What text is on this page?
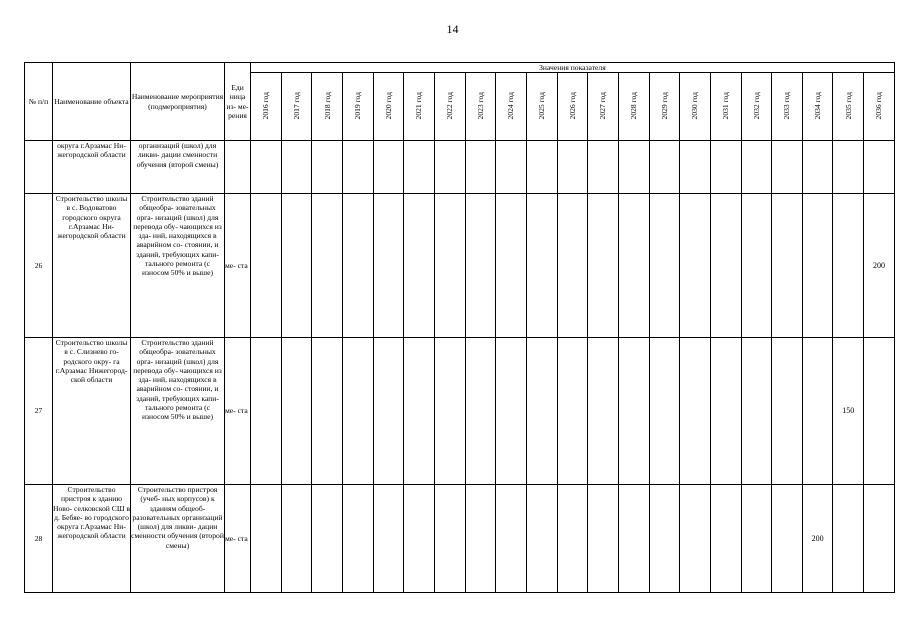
14
№ п/п	Наименование объекта	Наименование мероприятия (подмероприятия)	Еди ница из- ме- рения	Значения показателя																				
				2016 год	2017 год	2018 год	2019 год	2020 год	2021 год	2022 год	2023 год	2024 год	2025 год	2026 год	2027 год	2028 год	2029 год	2030 год	2031 год	2032 год	2033 год	2034 год	2035 год	2036 год
	округа г.Арзамас Ни- жегородской области	организаций (школ) для ликви- дации сменности обучения (второй смены)																						
26	Строительство школы в с. Водоватово городского округа г.Арзамас Ни- жегородской области	Строительство зданий общеобра- зовательных орга- низаций (школ) для перевода обу- чающихся из зда- ний, находящихся в аварийном со- стоянии, и зданий, требующих капи- тального ремонта (с износом 50% и выше)	ме- ста																					200
27	Строительство школы в с. Слизнево го- родского окру- га г.Арзамас Нижегород- ской области	Строительство зданий общеобра- зовательных орга- низаций (школ) для перевода обу- чающихся из зда- ний, находящихся в аварийном со- стоянии, и зданий, требующих капи- тального ремонта (с износом 50% и выше)	ме- ста																				150	
28	Строительство пристроя к зданию Ново- селковской СШ в д. Бебяе- во городского округа г.Арзамас Ни- жегородской области	Строительство пристроя (учеб- ных корпусов) к зданиям общеоб- разовательных организаций (школ) для ликви- дации сменности обучения (второй смены)	ме- ста																			200		
